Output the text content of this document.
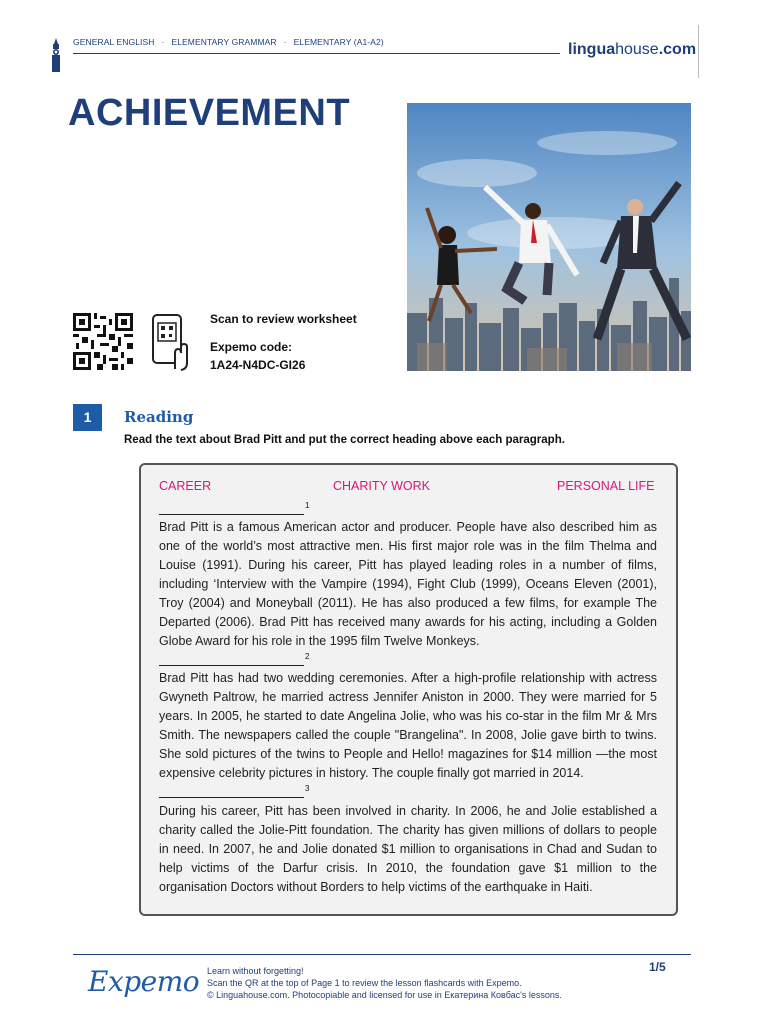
GENERAL ENGLISH · ELEMENTARY GRAMMAR · ELEMENTARY (A1-A2)	linguahouse.com
ACHIEVEMENT
Scan to review worksheet
Expemo code:
1A24-N4DC-GI26
1	Reading
Read the text about Brad Pitt and put the correct heading above each paragraph.
CAREER	CHARITY WORK	PERSONAL LIFE
1
Brad Pitt is a famous American actor and producer. People have also described him as one of the world’s most attractive men. His first major role was in the film Thelma and Louise (1991). During his career, Pitt has played leading roles in a number of films, including ‘Interview with the Vampire (1994), Fight Club (1999), Oceans Eleven (2001), Troy (2004) and Moneyball (2011). He has also produced a few films, for example The Departed (2006). Brad Pitt has received many awards for his acting, including a Golden Globe Award for his role in the 1995 film Twelve Monkeys.
2
Brad Pitt has had two wedding ceremonies. After a high-profile relationship with actress Gwyneth Paltrow, he married actress Jennifer Aniston in 2000. They were married for 5 years. In 2005, he started to date Angelina Jolie, who was his co-star in the film Mr & Mrs Smith. The newspapers called the couple "Brangelina". In 2008, Jolie gave birth to twins. She sold pictures of the twins to People and Hello! magazines for $14 million —the most expensive celebrity pictures in history. The couple finally got married in 2014.
3
During his career, Pitt has been involved in charity. In 2006, he and Jolie established a charity called the Jolie-Pitt foundation. The charity has given millions of dollars to people in need. In 2007, he and Jolie donated $1 million to organisations in Chad and Sudan to help victims of the Darfur crisis. In 2010, the foundation gave $1 million to the organisation Doctors without Borders to help victims of the earthquake in Haiti.
Expemo Learn without forgetting!
Scan the QR at the top of Page 1 to review the lesson flashcards with Expemo.
© Linguahouse.com. Photocopiable and licensed for use in Екатерина Ковбас's lessons.
1/5
